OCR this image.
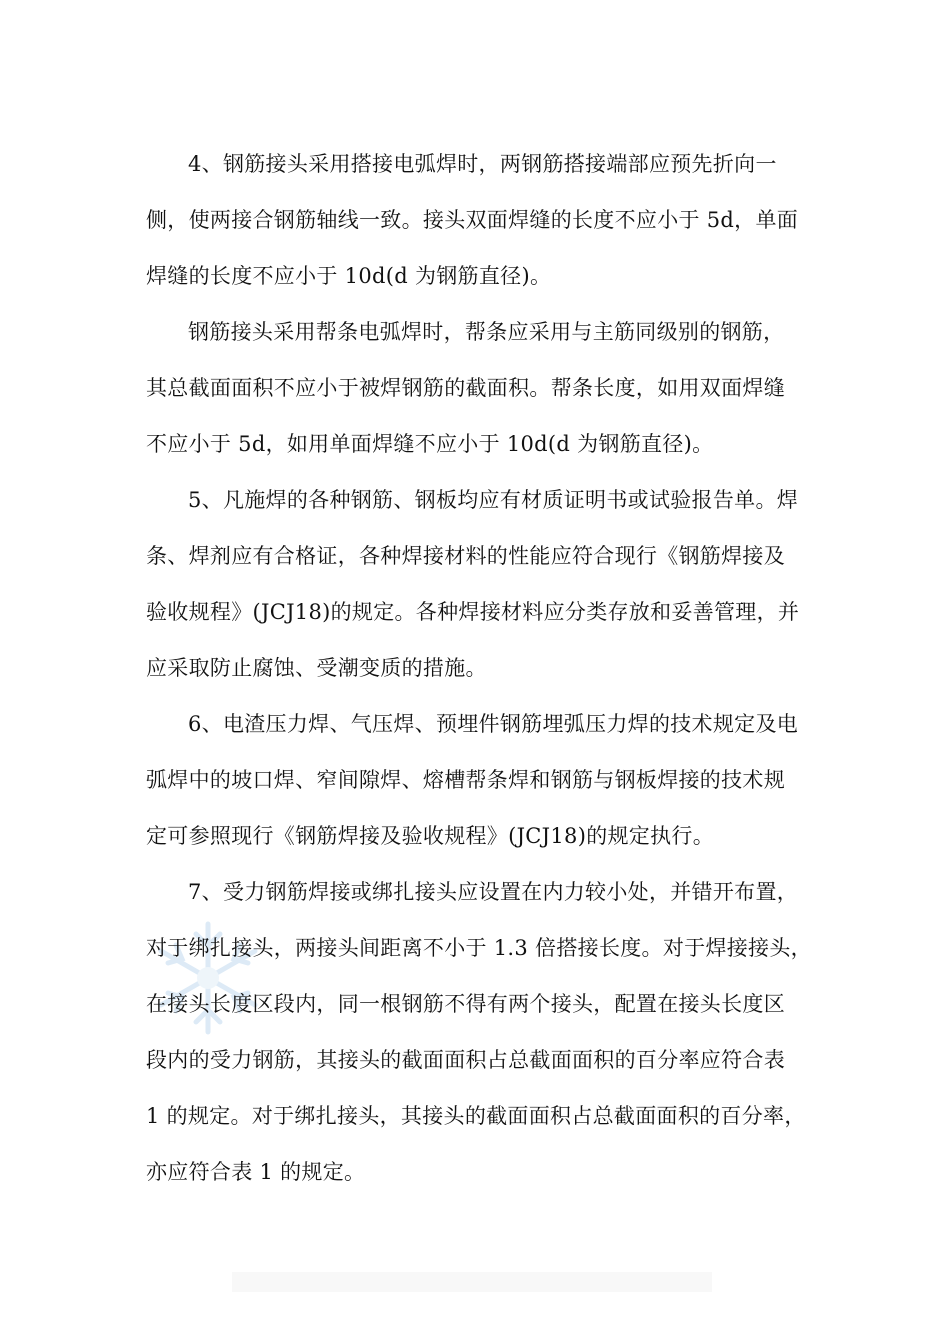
4、钢筋接头采用搭接电弧焊时，两钢筋搭接端部应预先折向一
侧，使两接合钢筋轴线一致。接头双面焊缝的长度不应小于 5d，单面
焊缝的长度不应小于 10d(d 为钢筋直径)。
钢筋接头采用帮条电弧焊时，帮条应采用与主筋同级别的钢筋，
其总截面面积不应小于被焊钢筋的截面积。帮条长度，如用双面焊缝
不应小于 5d，如用单面焊缝不应小于 10d(d 为钢筋直径)。
5、凡施焊的各种钢筋、钢板均应有材质证明书或试验报告单。焊
条、焊剂应有合格证，各种焊接材料的性能应符合现行《钢筋焊接及
验收规程》(JCJ18)的规定。各种焊接材料应分类存放和妥善管理，并
应采取防止腐蚀、受潮变质的措施。
6、电渣压力焊、气压焊、预埋件钢筋埋弧压力焊的技术规定及电
弧焊中的坡口焊、窄间隙焊、熔槽帮条焊和钢筋与钢板焊接的技术规
定可参照现行《钢筋焊接及验收规程》(JCJ18)的规定执行。
7、受力钢筋焊接或绑扎接头应设置在内力较小处，并错开布置，
对于绑扎接头，两接头间距离不小于 1.3 倍搭接长度。对于焊接接头，
在接头长度区段内，同一根钢筋不得有两个接头，配置在接头长度区
段内的受力钢筋，其接头的截面面积占总截面面积的百分率应符合表
1 的规定。对于绑扎接头，其接头的截面面积占总截面面积的百分率，
亦应符合表 1 的规定。
